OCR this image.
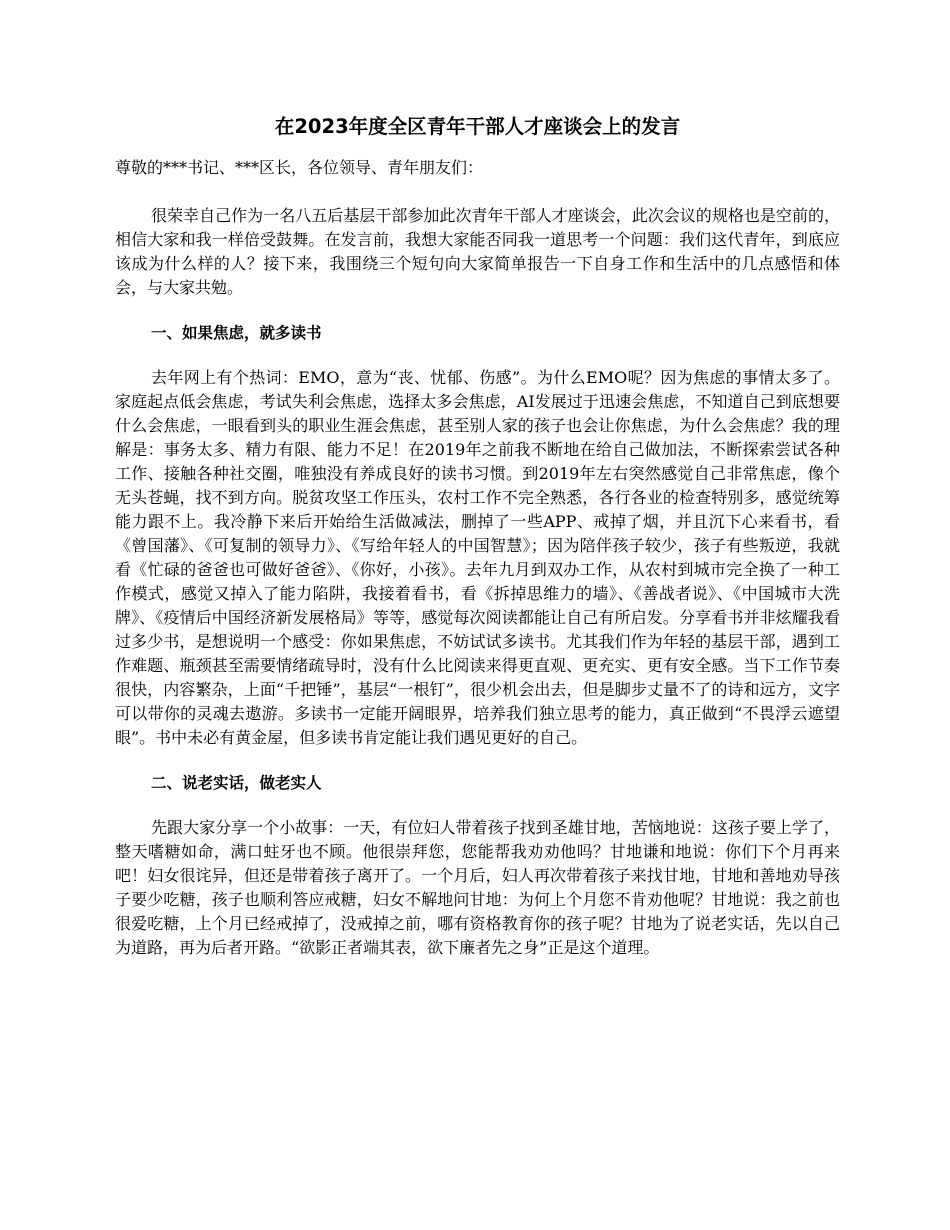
在2023年度全区青年干部人才座谈会上的发言

尊敬的***书记、***区长，各位领导、青年朋友们：

很荣幸自己作为一名八五后基层干部参加此次青年干部人才座谈会，此次会议的规格也是空前的，相信大家和我一样倍受鼓舞。在发言前，我想大家能否同我一道思考一个问题：我们这代青年，到底应该成为什么样的人？接下来，我围绕三个短句向大家简单报告一下自身工作和生活中的几点感悟和体会，与大家共勉。

一、如果焦虑，就多读书

去年网上有个热词：EMO，意为“丧、忧郁、伤感”。为什么EMO呢？因为焦虑的事情太多了。家庭起点低会焦虑，考试失利会焦虑，选择太多会焦虑，AI发展过于迅速会焦虑，不知道自己到底想要什么会焦虑，一眼看到头的职业生涯会焦虑，甚至别人家的孩子也会让你焦虑，为什么会焦虑？我的理解是：事务太多、精力有限、能力不足！在2019年之前我不断地在给自己做加法，不断探索尝试各种工作、接触各种社交圈，唯独没有养成良好的读书习惯。到2019年左右突然感觉自己非常焦虑，像个无头苍蝇，找不到方向。脱贫攻坚工作压头，农村工作不完全熟悉，各行各业的检查特别多，感觉统筹能力跟不上。我冷静下来后开始给生活做减法，删掉了一些APP、戒掉了烟，并且沉下心来看书，看《曾国藩》、《可复制的领导力》、《写给年轻人的中国智慧》；因为陪伴孩子较少，孩子有些叛逆，我就看《忙碌的爸爸也可做好爸爸》、《你好，小孩》。去年九月到双办工作，从农村到城市完全换了一种工作模式，感觉又掉入了能力陷阱，我接着看书，看《拆掉思维力的墙》、《善战者说》、《中国城市大洗牌》、《疫情后中国经济新发展格局》等等，感觉每次阅读都能让自己有所启发。分享看书并非炫耀我看过多少书，是想说明一个感受：你如果焦虑，不妨试试多读书。尤其我们作为年轻的基层干部，遇到工作难题、瓶颈甚至需要情绪疏导时，没有什么比阅读来得更直观、更充实、更有安全感。当下工作节奏很快，内容繁杂，上面“千把锤”，基层“一根钉”，很少机会出去，但是脚步丈量不了的诗和远方，文字可以带你的灵魂去遨游。多读书一定能开阔眼界，培养我们独立思考的能力，真正做到“不畏浮云遮望眼”。书中未必有黄金屋，但多读书肯定能让我们遇见更好的自己。

二、说老实话，做老实人

先跟大家分享一个小故事：一天，有位妇人带着孩子找到圣雄甘地，苦恼地说：这孩子要上学了，整天嗜糖如命，满口蛀牙也不顾。他很崇拜您，您能帮我劝劝他吗？甘地谦和地说：你们下个月再来吧！妇女很诧异，但还是带着孩子离开了。一个月后，妇人再次带着孩子来找甘地，甘地和善地劝导孩子要少吃糖，孩子也顺利答应戒糖，妇女不解地问甘地：为何上个月您不肯劝他呢？甘地说：我之前也很爱吃糖，上个月已经戒掉了，没戒掉之前，哪有资格教育你的孩子呢？甘地为了说老实话，先以自己为道路，再为后者开路。“欲影正者端其表，欲下廉者先之身”正是这个道理。
